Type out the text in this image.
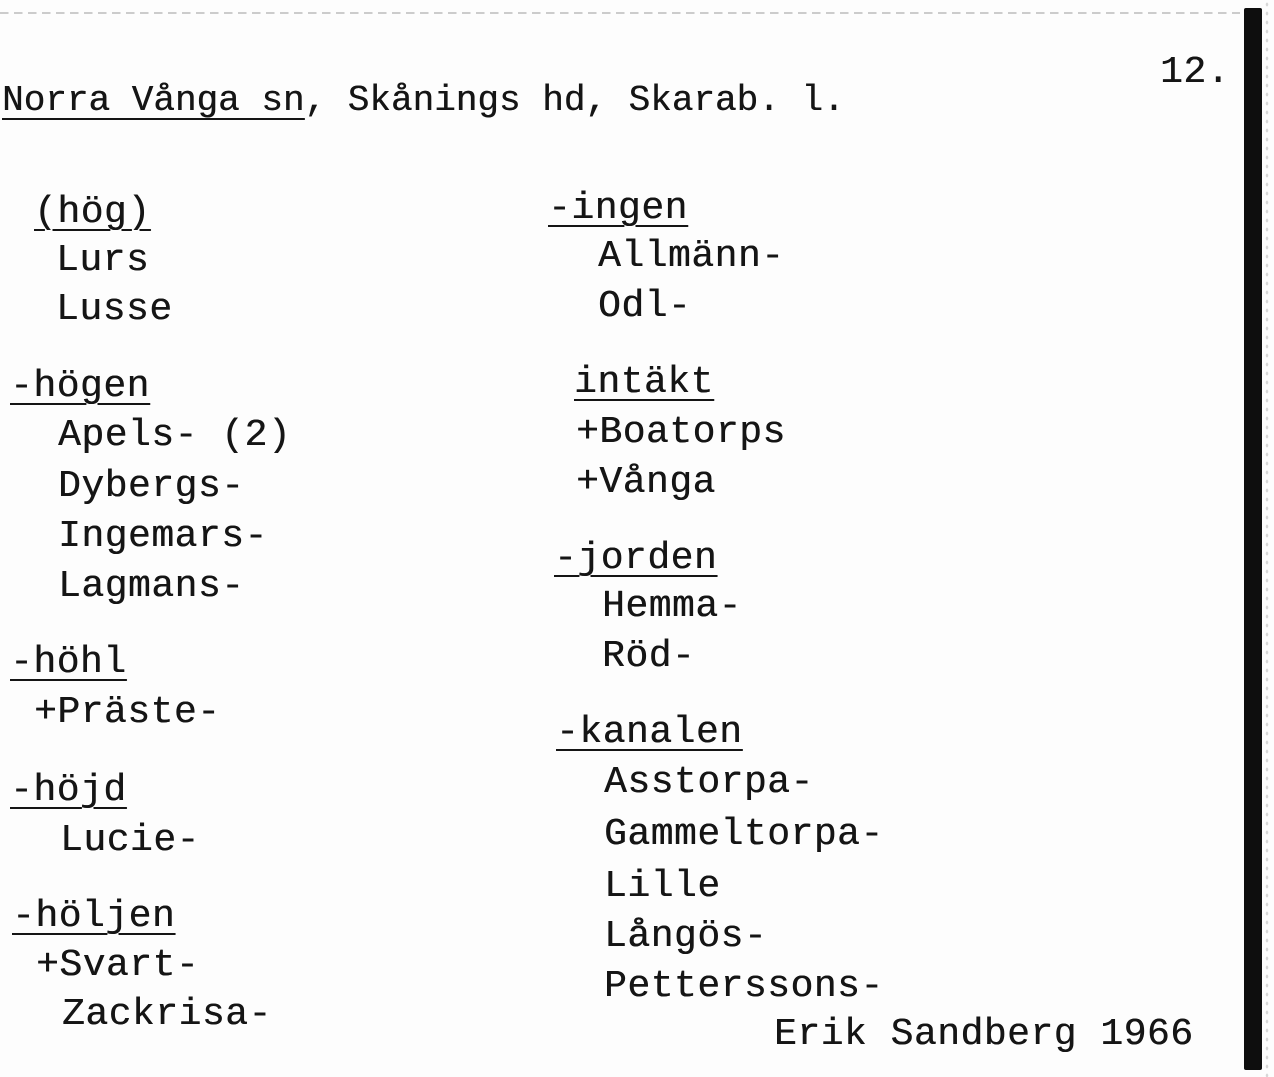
12.
Norra Vånga sn, Skånings hd, Skarab. l.
(hög)
Lurs
Lusse
-högen
Apels- (2)
Dybergs-
Ingemars-
Lagmans-
-höhl
+Präste-
-höjd
Lucie-
-höljen
+Svart-
Zackrisa-
-ingen
Allmänn-
Odl-
intäkt
+Boatorps
+Vånga
-jorden
Hemma-
Röd-
-kanalen
Asstorpa-
Gammeltorpa-
Lille
Långös-
Petterssons-
Erik Sandberg 1966
